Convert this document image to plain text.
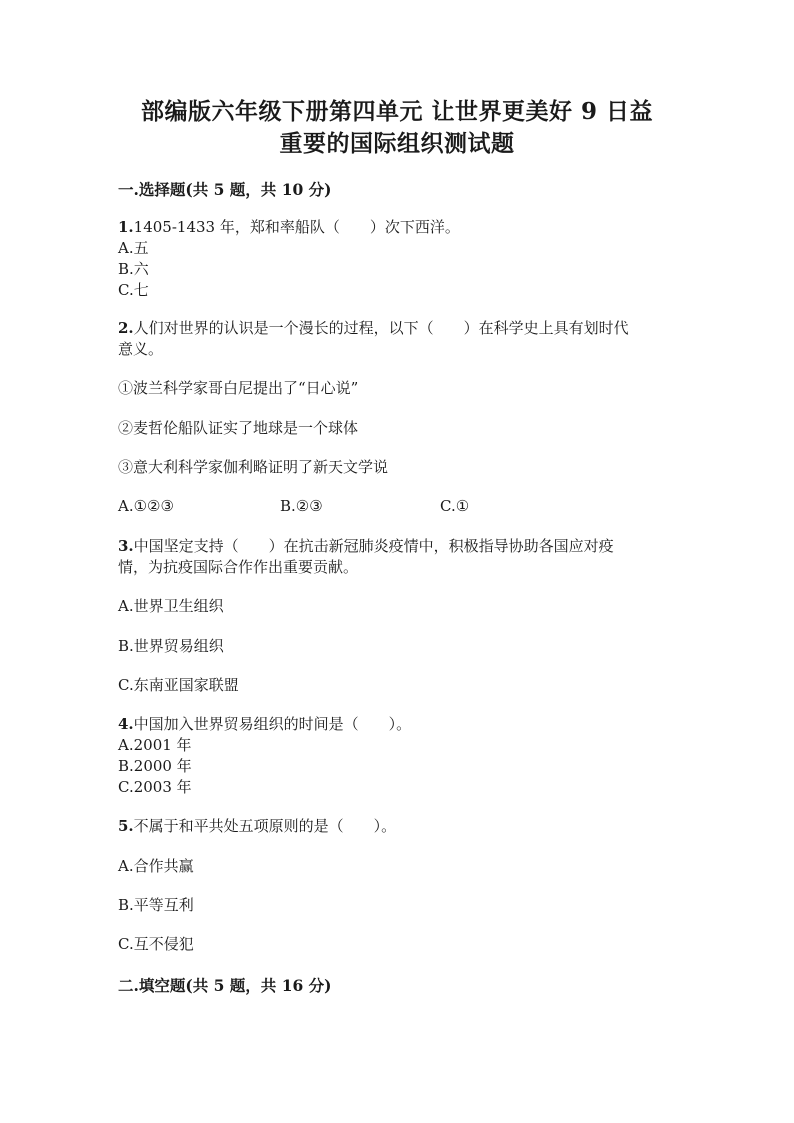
部编版六年级下册第四单元 让世界更美好 9 日益
重要的国际组织测试题
一.选择题(共 5 题，共 10 分)
1.1405-1433 年，郑和率船队（　　）次下西洋。
A.五
B.六
C.七
2.人们对世界的认识是一个漫长的过程，以下（　　）在科学史上具有划时代
意义。
①波兰科学家哥白尼提出了“日心说”
②麦哲伦船队证实了地球是一个球体
③意大利科学家伽利略证明了新天文学说
A.①②③	B.②③	C.①
3.中国坚定支持（　　）在抗击新冠肺炎疫情中，积极指导协助各国应对疫
情，为抗疫国际合作作出重要贡献。
A.世界卫生组织
B.世界贸易组织
C.东南亚国家联盟
4.中国加入世界贸易组织的时间是（　　）。
A.2001 年
B.2000 年
C.2003 年
5.不属于和平共处五项原则的是（　　）。
A.合作共赢
B.平等互利
C.互不侵犯
二.填空题(共 5 题，共 16 分)
